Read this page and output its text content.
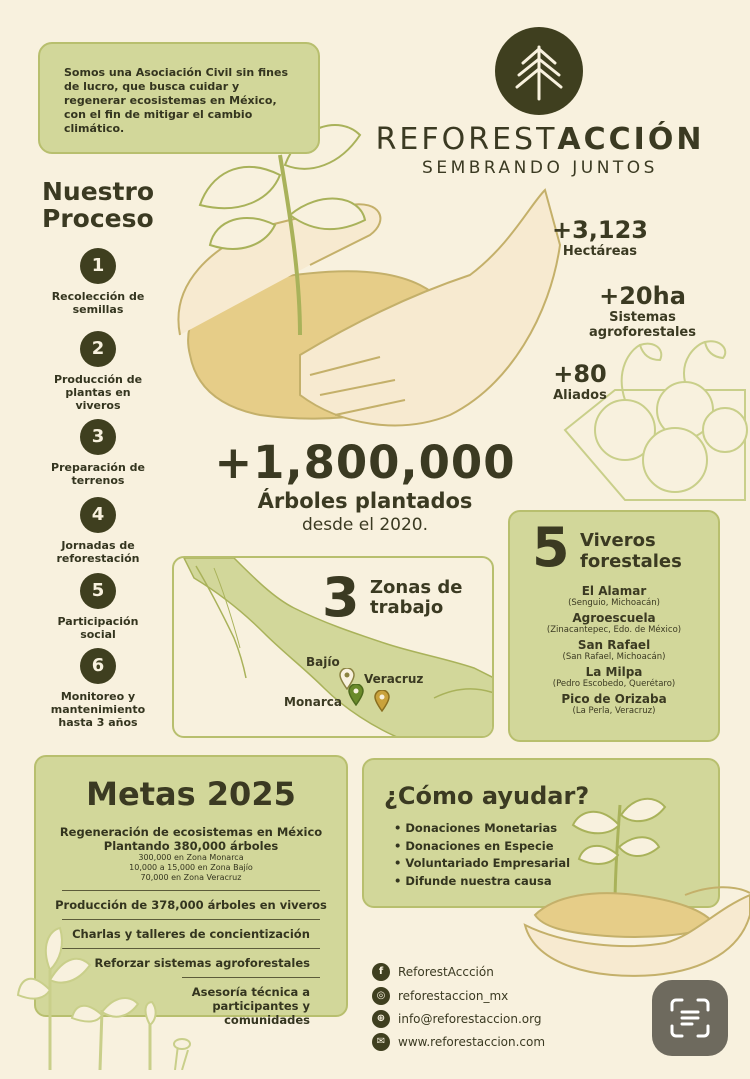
Somos una Asociación Civil sin fines de lucro, que busca cuidar y regenerar ecosistemas en México, con el fin de mitigar el cambio climático.	REFORESTACCIÓN
SEMBRANDO JUNTOS
Nuestro
Proceso
1
Recolección de
semillas
2
Producción de
plantas en
viveros
3
Preparación de
terrenos
4
Jornadas de
reforestación
5
Participación
social
6
Monitoreo y
mantenimiento
hasta 3 años
+3,123
Hectáreas
+20ha
Sistemas
agroforestales
+80
Aliados
+1,800,000
Árboles plantados
desde el 2020.
3 Zonas de
trabajo
Bajío
Veracruz
Monarca
5 Viveros
forestales
El Alamar
(Senguio, Michoacán)
Agroescuela
(Zinacantepec, Edo. de México)
San Rafael
(San Rafael, Michoacán)
La Milpa
(Pedro Escobedo, Querétaro)
Pico de Orizaba
(La Perla, Veracruz)
Metas 2025
Regeneración de ecosistemas en México
Plantando 380,000 árboles
300,000 en Zona Monarca
10,000 a 15,000 en Zona Bajío
70,000 en Zona Veracruz
Producción de 378,000 árboles en viveros
Charlas y talleres de concientización
Reforzar sistemas agroforestales
Asesoría técnica a
participantes y
comunidades
¿Cómo ayudar?
• Donaciones Monetarias
• Donaciones en Especie
• Voluntariado Empresarial
• Difunde nuestra causa
f	ReforestAccción
◎	reforestaccion_mx
⊕	info@reforestaccion.org
✉	www.reforestaccion.com
